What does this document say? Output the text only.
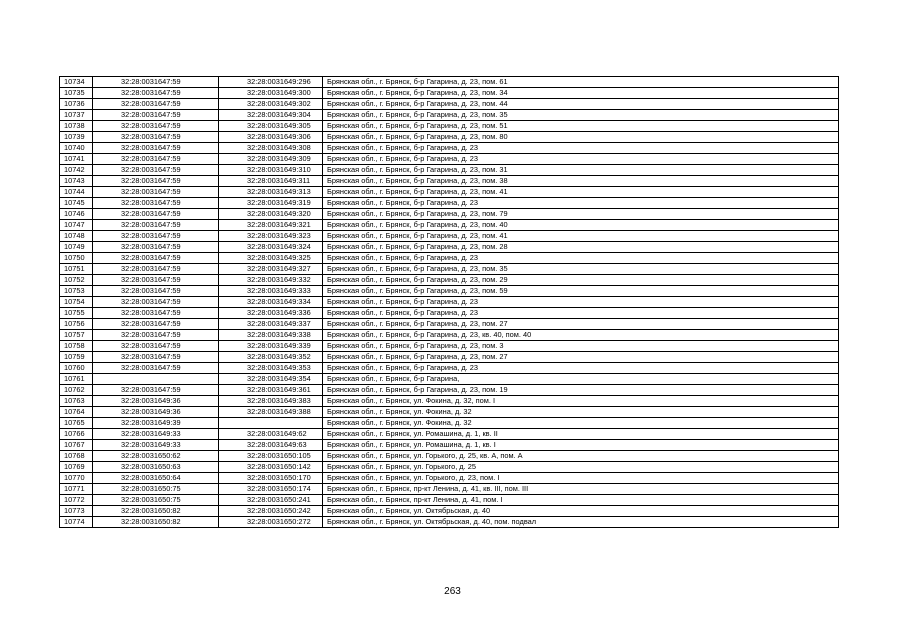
10734	32:28:0031647:59	32:28:0031649:296	Брянская обл., г. Брянск, б-р Гагарина, д. 23, пом. 61
10735	32:28:0031647:59	32:28:0031649:300	Брянская обл., г. Брянск, б-р Гагарина, д. 23, пом. 34
10736	32:28:0031647:59	32:28:0031649:302	Брянская обл., г. Брянск, б-р Гагарина, д. 23, пом. 44
10737	32:28:0031647:59	32:28:0031649:304	Брянская обл., г. Брянск, б-р Гагарина, д. 23, пом. 35
10738	32:28:0031647:59	32:28:0031649:305	Брянская обл., г. Брянск, б-р Гагарина, д. 23, пом. 51
10739	32:28:0031647:59	32:28:0031649:306	Брянская обл., г. Брянск, б-р Гагарина, д. 23, пом. 80
10740	32:28:0031647:59	32:28:0031649:308	Брянская обл., г. Брянск, б-р Гагарина, д. 23
10741	32:28:0031647:59	32:28:0031649:309	Брянская обл., г. Брянск, б-р Гагарина, д. 23
10742	32:28:0031647:59	32:28:0031649:310	Брянская обл., г. Брянск, б-р Гагарина, д. 23, пом. 31
10743	32:28:0031647:59	32:28:0031649:311	Брянская обл., г. Брянск, б-р Гагарина, д. 23, пом. 38
10744	32:28:0031647:59	32:28:0031649:313	Брянская обл., г. Брянск, б-р Гагарина, д. 23, пом. 41
10745	32:28:0031647:59	32:28:0031649:319	Брянская обл., г. Брянск, б-р Гагарина, д. 23
10746	32:28:0031647:59	32:28:0031649:320	Брянская обл., г. Брянск, б-р Гагарина, д. 23, пом. 79
10747	32:28:0031647:59	32:28:0031649:321	Брянская обл., г. Брянск, б-р Гагарина, д. 23, пом. 40
10748	32:28:0031647:59	32:28:0031649:323	Брянская обл., г. Брянск, б-р Гагарина, д. 23, пом. 41
10749	32:28:0031647:59	32:28:0031649:324	Брянская обл., г. Брянск, б-р Гагарина, д. 23, пом. 28
10750	32:28:0031647:59	32:28:0031649:325	Брянская обл., г. Брянск, б-р Гагарина, д. 23
10751	32:28:0031647:59	32:28:0031649:327	Брянская обл., г. Брянск, б-р Гагарина, д. 23, пом. 35
10752	32:28:0031647:59	32:28:0031649:332	Брянская обл., г. Брянск, б-р Гагарина, д. 23, пом. 29
10753	32:28:0031647:59	32:28:0031649:333	Брянская обл., г. Брянск, б-р Гагарина, д. 23, пом. 59
10754	32:28:0031647:59	32:28:0031649:334	Брянская обл., г. Брянск, б-р Гагарина, д. 23
10755	32:28:0031647:59	32:28:0031649:336	Брянская обл., г. Брянск, б-р Гагарина, д. 23
10756	32:28:0031647:59	32:28:0031649:337	Брянская обл., г. Брянск, б-р Гагарина, д. 23, пом. 27
10757	32:28:0031647:59	32:28:0031649:338	Брянская обл., г. Брянск, б-р Гагарина, д. 23, кв. 40, пом. 40
10758	32:28:0031647:59	32:28:0031649:339	Брянская обл., г. Брянск, б-р Гагарина, д. 23, пом. 3
10759	32:28:0031647:59	32:28:0031649:352	Брянская обл., г. Брянск, б-р Гагарина, д. 23, пом. 27
10760	32:28:0031647:59	32:28:0031649:353	Брянская обл., г. Брянск, б-р Гагарина, д. 23
10761		32:28:0031649:354	Брянская обл., г. Брянск, б-р Гагарина,
10762	32:28:0031647:59	32:28:0031649:361	Брянская обл., г. Брянск, б-р Гагарина, д. 23, пом. 19
10763	32:28:0031649:36	32:28:0031649:383	Брянская обл., г. Брянск, ул. Фокина, д. 32, пом. I
10764	32:28:0031649:36	32:28:0031649:388	Брянская обл., г. Брянск, ул. Фокина, д. 32
10765	32:28:0031649:39		Брянская обл., г. Брянск, ул. Фокина, д. 32
10766	32:28:0031649:33	32:28:0031649:62	Брянская обл., г. Брянск, ул. Ромашина, д. 1, кв. II
10767	32:28:0031649:33	32:28:0031649:63	Брянская обл., г. Брянск, ул. Ромашина, д. 1, кв. I
10768	32:28:0031650:62	32:28:0031650:105	Брянская обл., г. Брянск, ул. Горького, д. 25, кв. А, пом. А
10769	32:28:0031650:63	32:28:0031650:142	Брянская обл., г. Брянск, ул. Горького, д. 25
10770	32:28:0031650:64	32:28:0031650:170	Брянская обл., г. Брянск, ул. Горького, д. 23, пом. I
10771	32:28:0031650:75	32:28:0031650:174	Брянская обл., г. Брянск, пр-кт Ленина, д. 41, кв. III, пом. III
10772	32:28:0031650:75	32:28:0031650:241	Брянская обл., г. Брянск, пр-кт Ленина, д. 41, пом. I
10773	32:28:0031650:82	32:28:0031650:242	Брянская обл., г. Брянск, ул. Октябрьская, д. 40
10774	32:28:0031650:82	32:28:0031650:272	Брянская обл., г. Брянск, ул. Октябрьская, д. 40, пом. подвал
263
